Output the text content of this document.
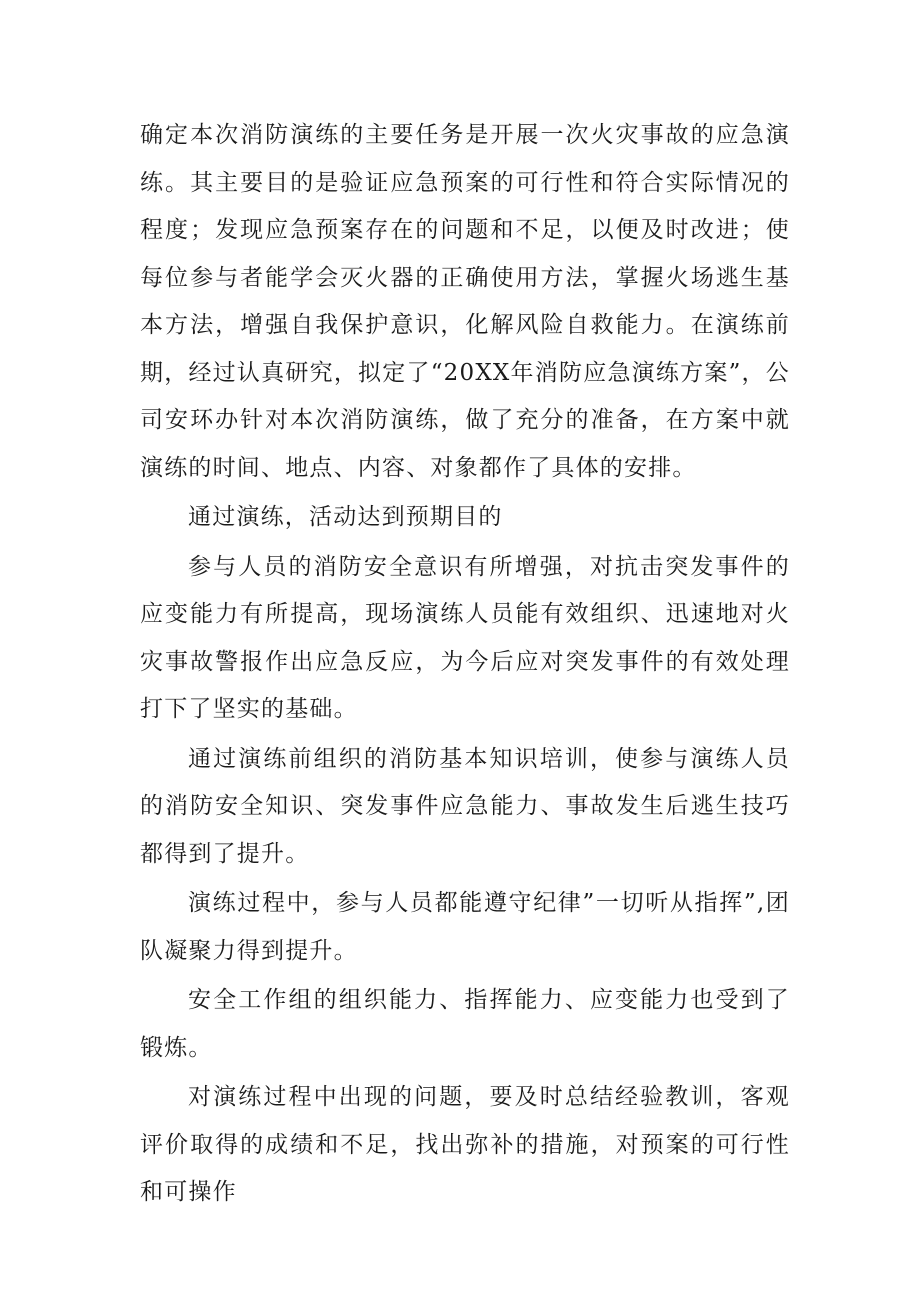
确定本次消防演练的主要任务是开展一次火灾事故的应急演练。其主要目的是验证应急预案的可行性和符合实际情况的程度；发现应急预案存在的问题和不足，以便及时改进；使每位参与者能学会灭火器的正确使用方法，掌握火场逃生基本方法，增强自我保护意识，化解风险自救能力。在演练前期，经过认真研究，拟定了“20XX年消防应急演练方案”，公司安环办针对本次消防演练，做了充分的准备，在方案中就演练的时间、地点、内容、对象都作了具体的安排。

通过演练，活动达到预期目的

参与人员的消防安全意识有所增强，对抗击突发事件的应变能力有所提高，现场演练人员能有效组织、迅速地对火灾事故警报作出应急反应，为今后应对突发事件的有效处理打下了坚实的基础。

通过演练前组织的消防基本知识培训，使参与演练人员的消防安全知识、突发事件应急能力、事故发生后逃生技巧都得到了提升。

演练过程中，参与人员都能遵守纪律”一切听从指挥”,团队凝聚力得到提升。

安全工作组的组织能力、指挥能力、应变能力也受到了锻炼。

对演练过程中出现的问题，要及时总结经验教训，客观评价取得的成绩和不足，找出弥补的措施，对预案的可行性和可操作
